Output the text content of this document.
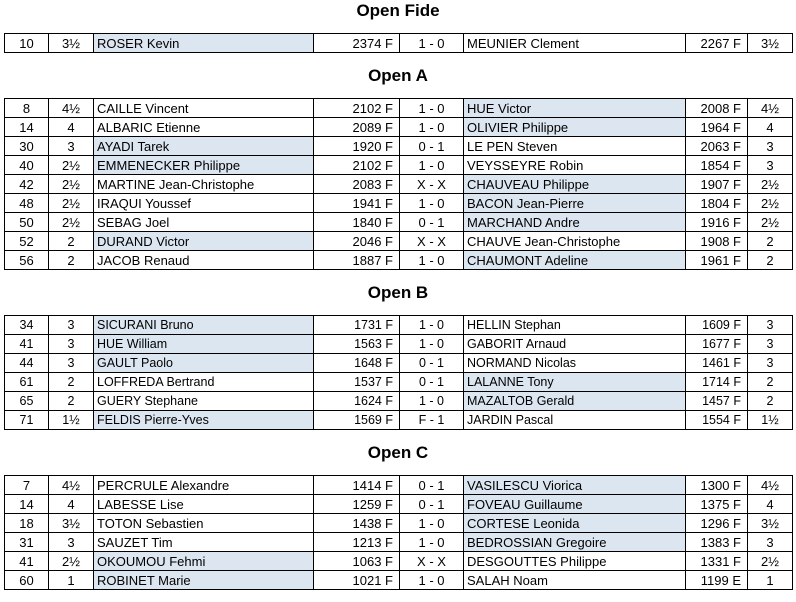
Open Fide
10	3½	ROSER Kevin	2374 F	1 - 0	MEUNIER Clement	2267 F	3½
Open A
8	4½	CAILLE Vincent	2102 F	1 - 0	HUE Victor	2008 F	4½
14	4	ALBARIC Etienne	2089 F	1 - 0	OLIVIER Philippe	1964 F	4
30	3	AYADI Tarek	1920 F	0 - 1	LE PEN Steven	2063 F	3
40	2½	EMMENECKER Philippe	2102 F	1 - 0	VEYSSEYRE Robin	1854 F	3
42	2½	MARTINE Jean-Christophe	2083 F	X - X	CHAUVEAU Philippe	1907 F	2½
48	2½	IRAQUI Youssef	1941 F	1 - 0	BACON Jean-Pierre	1804 F	2½
50	2½	SEBAG Joel	1840 F	0 - 1	MARCHAND Andre	1916 F	2½
52	2	DURAND Victor	2046 F	X - X	CHAUVE Jean-Christophe	1908 F	2
56	2	JACOB Renaud	1887 F	1 - 0	CHAUMONT Adeline	1961 F	2
Open B
34	3	SICURANI Bruno	1731 F	1 - 0	HELLIN Stephan	1609 F	3
41	3	HUE William	1563 F	1 - 0	GABORIT Arnaud	1677 F	3
44	3	GAULT Paolo	1648 F	0 - 1	NORMAND Nicolas	1461 F	3
61	2	LOFFREDA Bertrand	1537 F	0 - 1	LALANNE Tony	1714 F	2
65	2	GUERY Stephane	1624 F	1 - 0	MAZALTOB Gerald	1457 F	2
71	1½	FELDIS Pierre-Yves	1569 F	F - 1	JARDIN Pascal	1554 F	1½
Open C
7	4½	PERCRULE Alexandre	1414 F	0 - 1	VASILESCU Viorica	1300 F	4½
14	4	LABESSE Lise	1259 F	0 - 1	FOVEAU Guillaume	1375 F	4
18	3½	TOTON Sebastien	1438 F	1 - 0	CORTESE Leonida	1296 F	3½
31	3	SAUZET Tim	1213 F	1 - 0	BEDROSSIAN Gregoire	1383 F	3
41	2½	OKOUMOU Fehmi	1063 F	X - X	DESGOUTTES Philippe	1331 F	2½
60	1	ROBINET Marie	1021 F	1 - 0	SALAH Noam	1199 E	1
